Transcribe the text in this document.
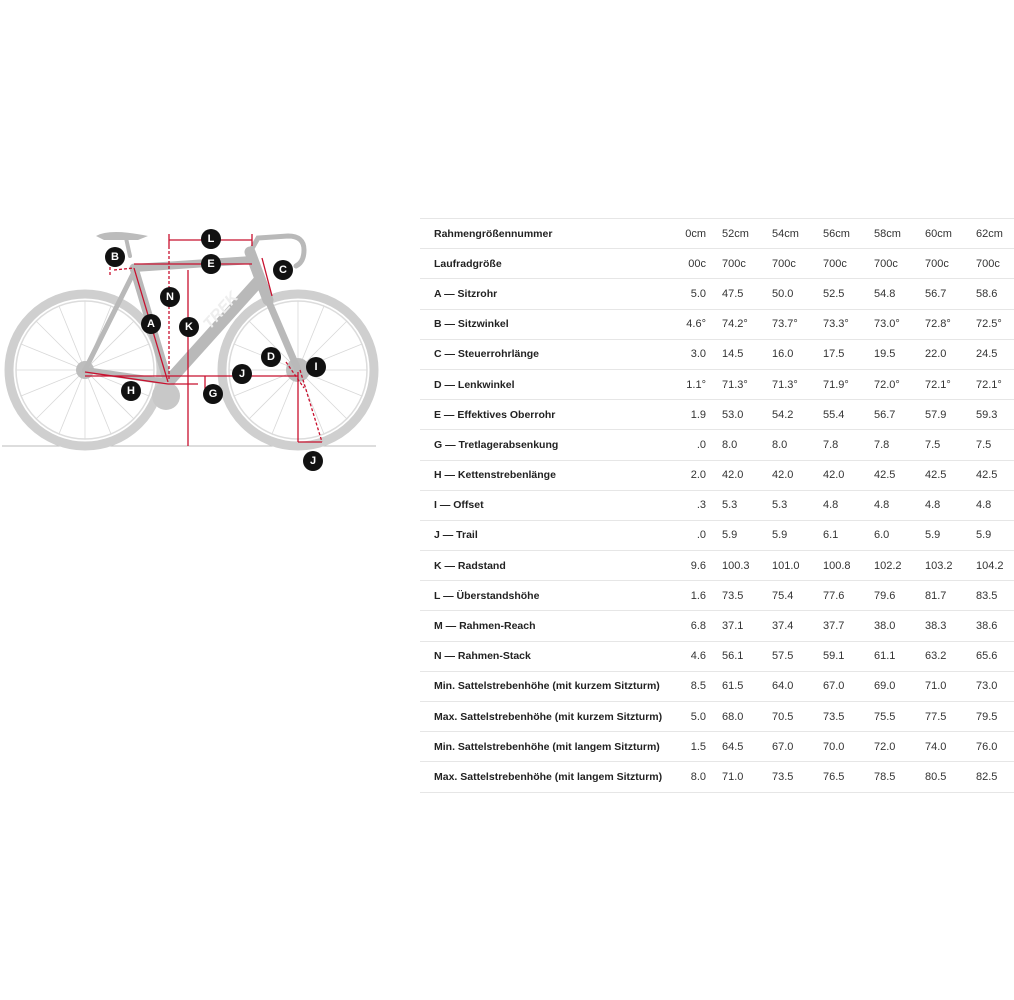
TREK
L
B
E	C
N
A	K
D
I
J
H	G
J
Rahmengrößennummer	0cm	52cm	54cm	56cm	58cm	60cm	62cm
Laufradgröße	00c	700c	700c	700c	700c	700c	700c
A — Sitzrohr	5.0	47.5	50.0	52.5	54.8	56.7	58.6
B — Sitzwinkel	4.6°	74.2°	73.7°	73.3°	73.0°	72.8°	72.5°
C — Steuerrohrlänge	3.0	14.5	16.0	17.5	19.5	22.0	24.5
D — Lenkwinkel	1.1°	71.3°	71.3°	71.9°	72.0°	72.1°	72.1°
E — Effektives Oberrohr	1.9	53.0	54.2	55.4	56.7	57.9	59.3
G — Tretlagerabsenkung	.0	8.0	8.0	7.8	7.8	7.5	7.5
H — Kettenstrebenlänge	2.0	42.0	42.0	42.0	42.5	42.5	42.5
I — Offset	.3	5.3	5.3	4.8	4.8	4.8	4.8
J — Trail	.0	5.9	5.9	6.1	6.0	5.9	5.9
K — Radstand	9.6	100.3	101.0	100.8	102.2	103.2	104.2
L — Überstandshöhe	1.6	73.5	75.4	77.6	79.6	81.7	83.5
M — Rahmen-Reach	6.8	37.1	37.4	37.7	38.0	38.3	38.6
N — Rahmen-Stack	4.6	56.1	57.5	59.1	61.1	63.2	65.6
Min. Sattelstrebenhöhe (mit kurzem Sitzturm)	8.5	61.5	64.0	67.0	69.0	71.0	73.0
Max. Sattelstrebenhöhe (mit kurzem Sitzturm)	5.0	68.0	70.5	73.5	75.5	77.5	79.5
Min. Sattelstrebenhöhe (mit langem Sitzturm)	1.5	64.5	67.0	70.0	72.0	74.0	76.0
Max. Sattelstrebenhöhe (mit langem Sitzturm)	8.0	71.0	73.5	76.5	78.5	80.5	82.5
